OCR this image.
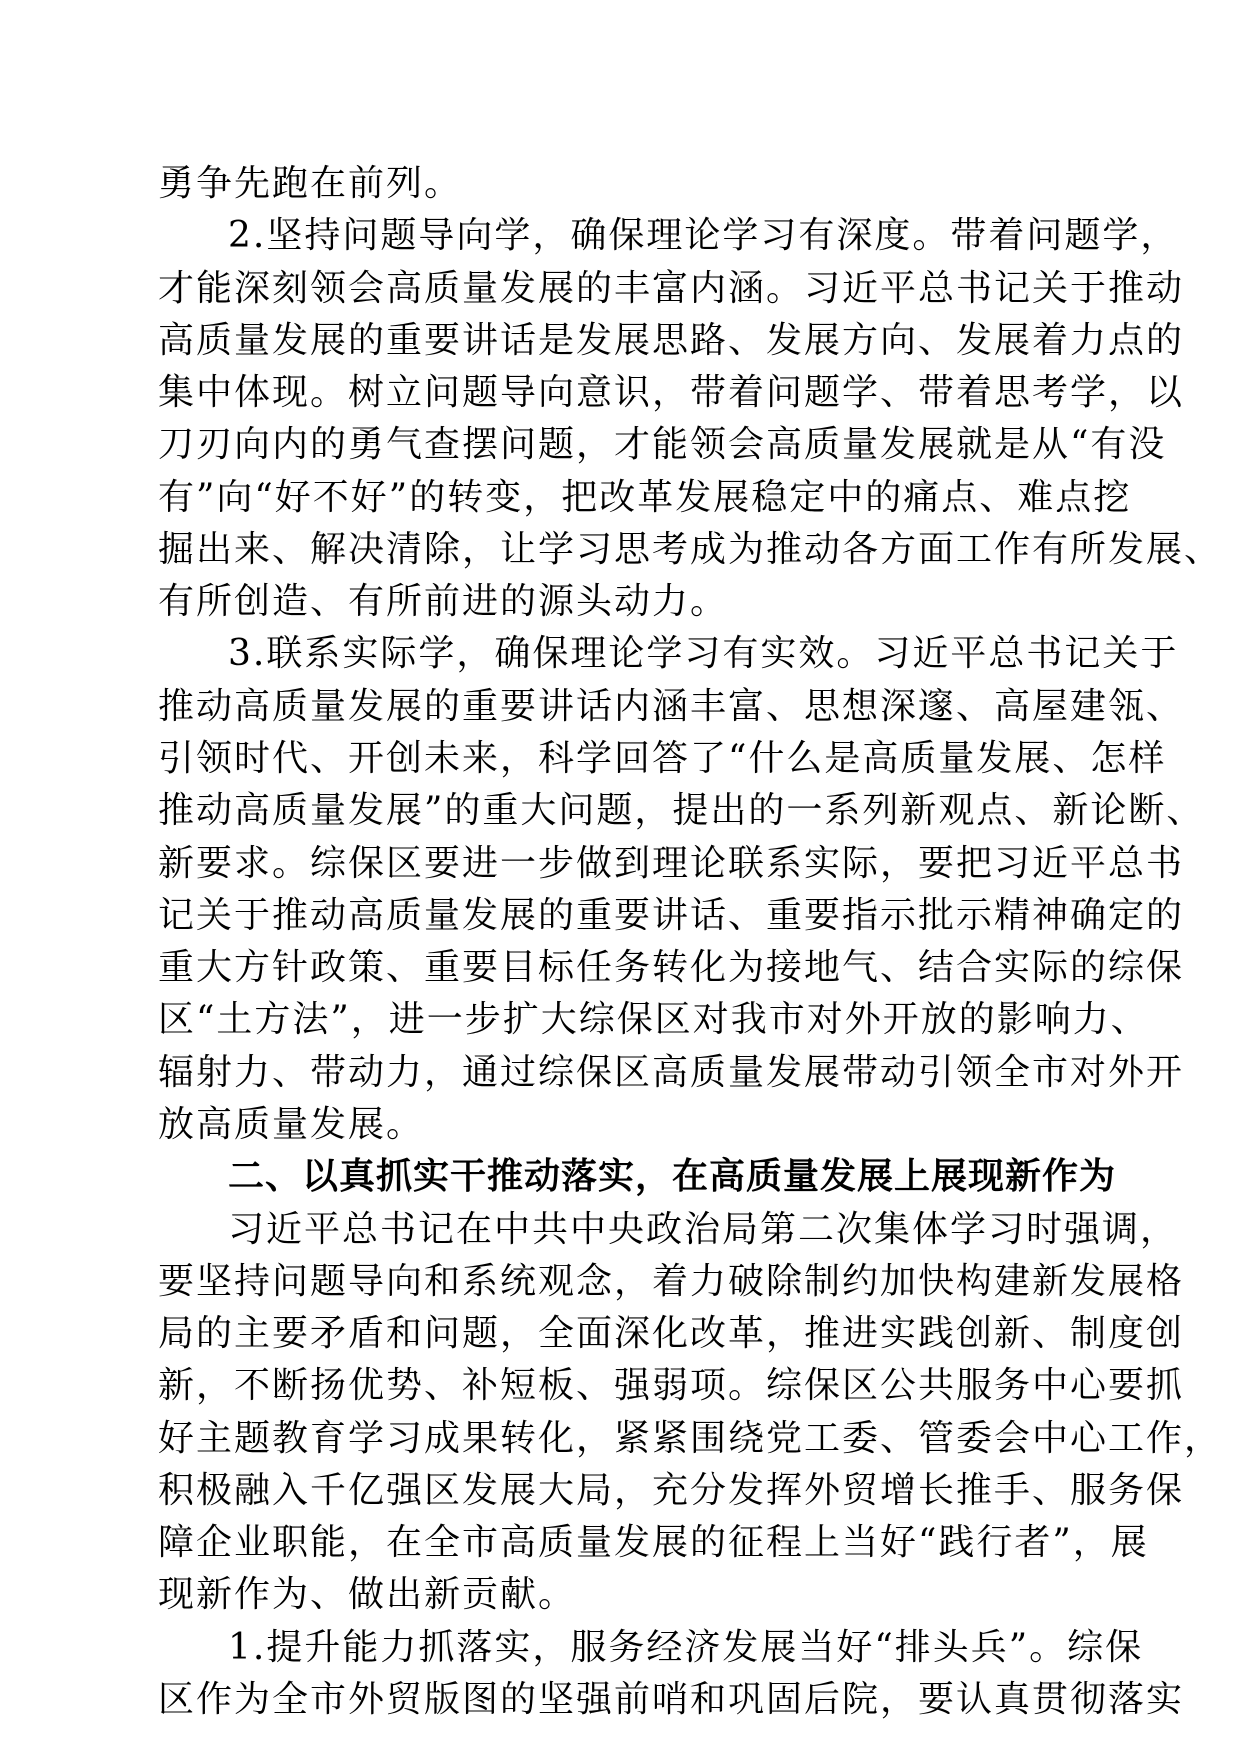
勇争先跑在前列。
2.坚持问题导向学，确保理论学习有深度。带着问题学，
才能深刻领会高质量发展的丰富内涵。习近平总书记关于推动
高质量发展的重要讲话是发展思路、发展方向、发展着力点的
集中体现。树立问题导向意识，带着问题学、带着思考学，以
刀刃向内的勇气查摆问题，才能领会高质量发展就是从“有没
有”向“好不好”的转变，把改革发展稳定中的痛点、难点挖
掘出来、解决清除，让学习思考成为推动各方面工作有所发展、
有所创造、有所前进的源头动力。
3.联系实际学，确保理论学习有实效。习近平总书记关于
推动高质量发展的重要讲话内涵丰富、思想深邃、高屋建瓴、
引领时代、开创未来，科学回答了“什么是高质量发展、怎样
推动高质量发展”的重大问题，提出的一系列新观点、新论断、
新要求。综保区要进一步做到理论联系实际，要把习近平总书
记关于推动高质量发展的重要讲话、重要指示批示精神确定的
重大方针政策、重要目标任务转化为接地气、结合实际的综保
区“土方法”，进一步扩大综保区对我市对外开放的影响力、
辐射力、带动力，通过综保区高质量发展带动引领全市对外开
放高质量发展。
二、以真抓实干推动落实，在高质量发展上展现新作为
习近平总书记在中共中央政治局第二次集体学习时强调，
要坚持问题导向和系统观念，着力破除制约加快构建新发展格
局的主要矛盾和问题，全面深化改革，推进实践创新、制度创
新，不断扬优势、补短板、强弱项。综保区公共服务中心要抓
好主题教育学习成果转化，紧紧围绕党工委、管委会中心工作，
积极融入千亿强区发展大局，充分发挥外贸增长推手、服务保
障企业职能，在全市高质量发展的征程上当好“践行者”，展
现新作为、做出新贡献。
1.提升能力抓落实，服务经济发展当好“排头兵”。综保
区作为全市外贸版图的坚强前哨和巩固后院，要认真贯彻落实
